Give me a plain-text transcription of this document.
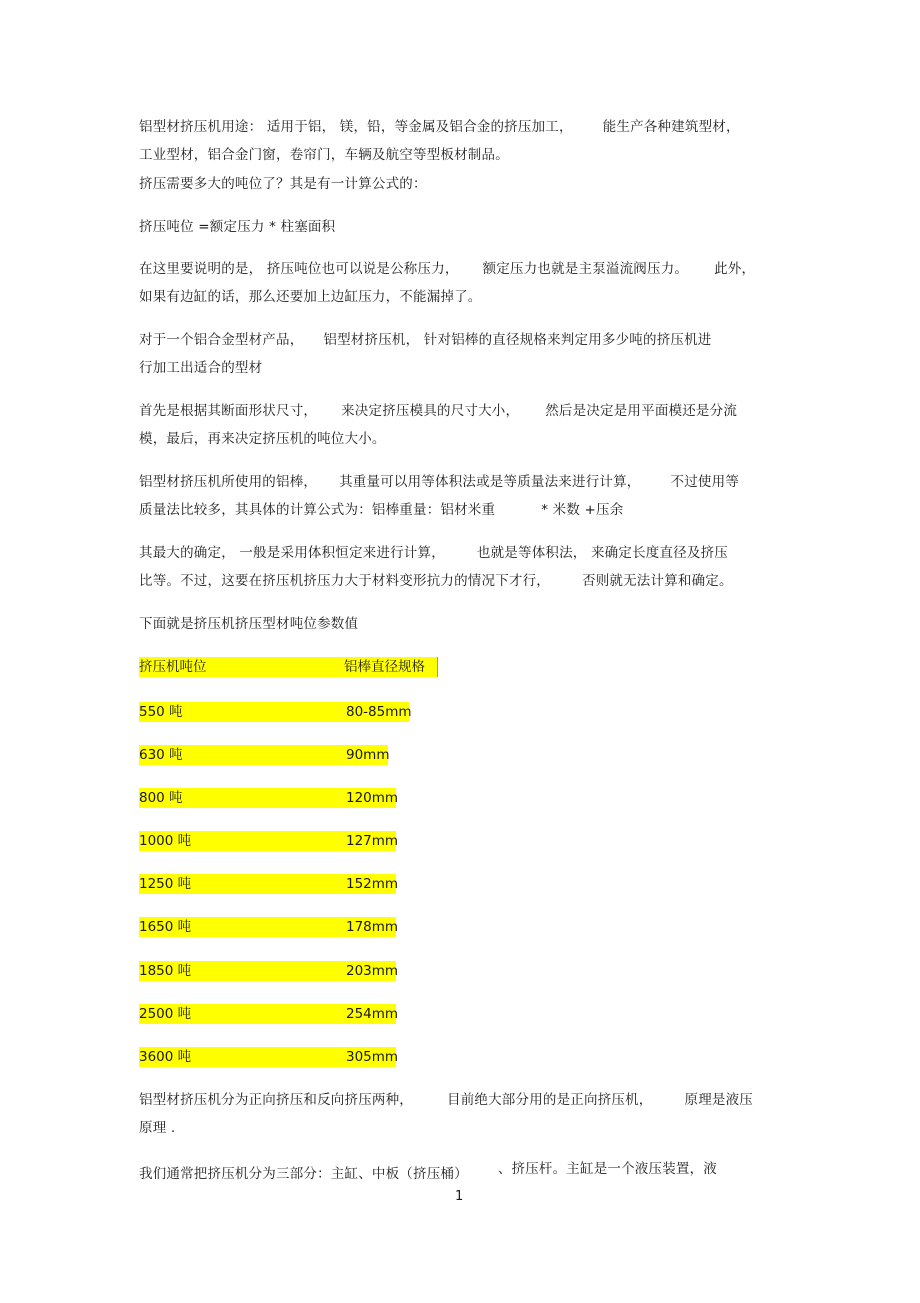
铝型材挤压机用途： 适用于铝， 镁，铅，等金属及铝合金的挤压加工， 能生产各种建筑型材，
工业型材，铝合金门窗，卷帘门，车辆及航空等型板材制品。
挤压需要多大的吨位了？其是有一计算公式的：
挤压吨位 =额定压力 * 柱塞面积
在这里要说明的是， 挤压吨位也可以说是公称压力， 额定压力也就是主泵溢流阀压力。 此外，
如果有边缸的话，那么还要加上边缸压力，不能漏掉了。
对于一个铝合金型材产品， 铝型材挤压机， 针对铝棒的直径规格来判定用多少吨的挤压机进
行加工出适合的型材
首先是根据其断面形状尺寸， 来决定挤压模具的尺寸大小， 然后是决定是用平面模还是分流
模，最后，再来决定挤压机的吨位大小。
铝型材挤压机所使用的铝棒， 其重量可以用等体积法或是等质量法来进行计算， 不过使用等
质量法比较多，其具体的计算公式为：铝棒重量：铝材米重	* 米数 +压余
其最大的确定， 一般是采用体积恒定来进行计算， 也就是等体积法， 来确定长度直径及挤压
比等。不过，这要在挤压机挤压力大于材料变形抗力的情况下才行， 否则就无法计算和确定。
下面就是挤压机挤压型材吨位参数值
挤压机吨位	铝棒直径规格
550 吨	80-85mm
630 吨	90mm
800 吨	120mm
1000 吨	127mm
1250 吨	152mm
1650 吨	178mm
1850 吨	203mm
2500 吨	254mm
3600 吨	305mm
铝型材挤压机分为正向挤压和反向挤压两种，	目前绝大部分用的是正向挤压机， 原理是液压
原理 .
我们通常把挤压机分为三部分：主缸、中板（挤压桶） 、挤压杆。主缸是一个液压装置，液
1
